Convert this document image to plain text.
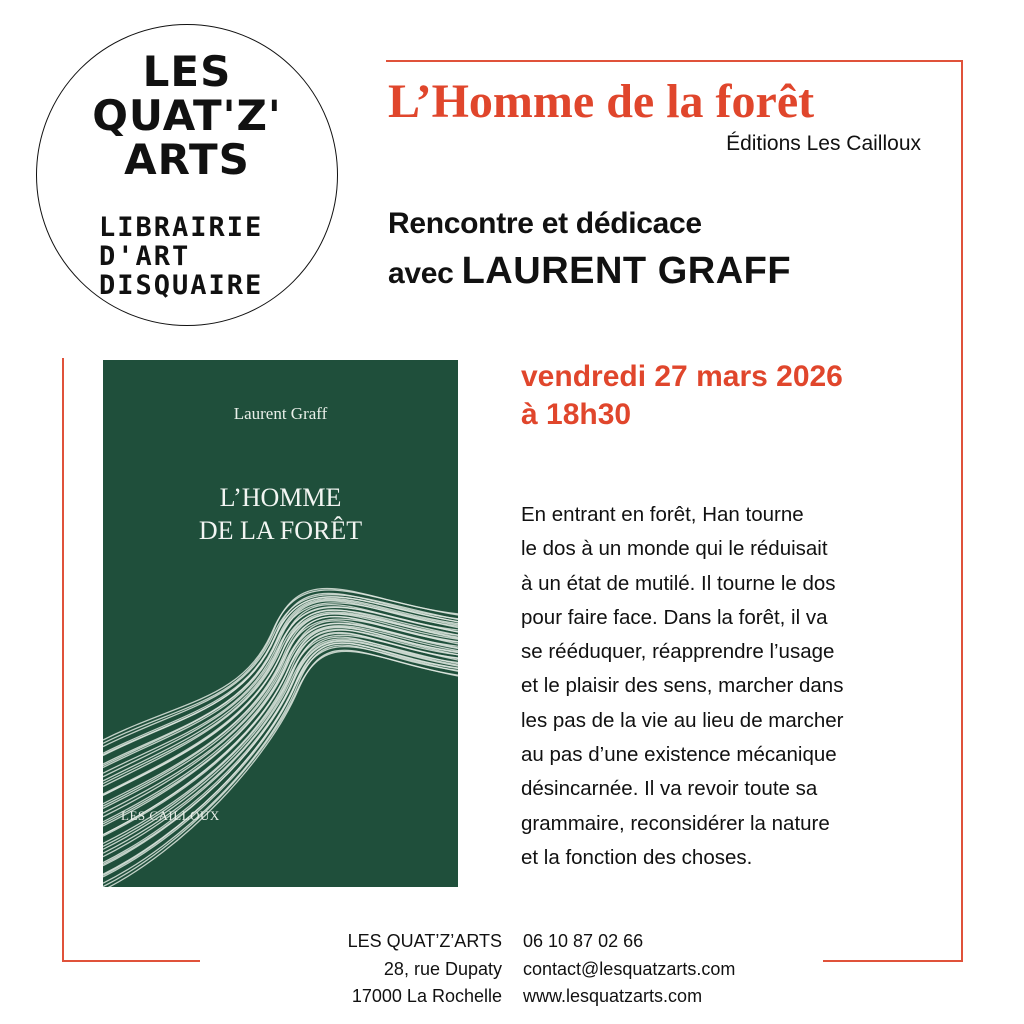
LES
QUAT'Z'
ARTS
LIBRAIRIE
D'ART
DISQUAIRE
L’Homme de la forêt
Éditions Les Cailloux
Rencontre et dédicace
avec LAURENT GRAFF
vendredi 27 mars 2026
à 18h30
Laurent Graff
L’HOMME
DE LA FORÊT
LES CAILLOUX
En entrant en forêt, Han tourne
le dos à un monde qui le réduisait
à un état de mutilé. Il tourne le dos
pour faire face. Dans la forêt, il va
se rééduquer, réapprendre l’usage
et le plaisir des sens, marcher dans
les pas de la vie au lieu de marcher
au pas d’une existence mécanique
désincarnée. Il va revoir toute sa
grammaire, reconsidérer la nature
et la fonction des choses.
LES QUAT’Z’ARTS
28, rue Dupaty
17000 La Rochelle
06 10 87 02 66
contact@lesquatzarts.com
www.lesquatzarts.com
